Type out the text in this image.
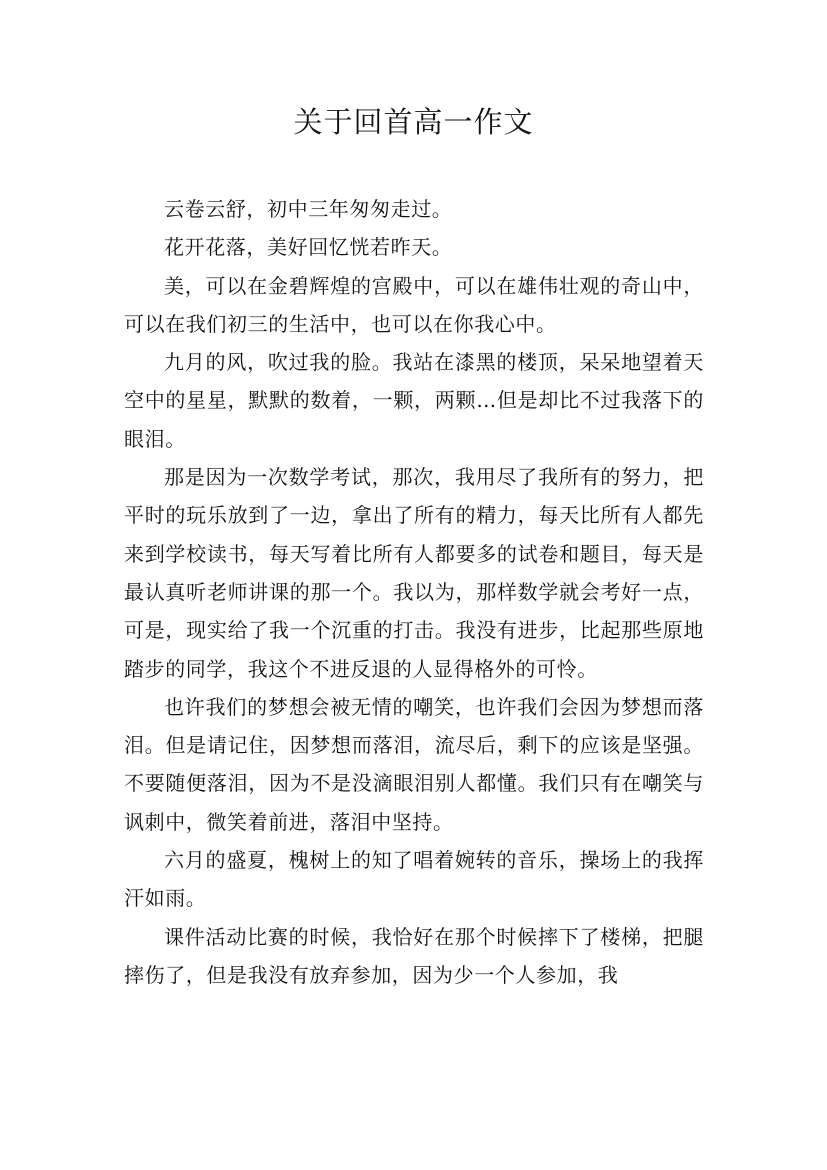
关于回首高一作文

云卷云舒，初中三年匆匆走过。

花开花落，美好回忆恍若昨天。

美，可以在金碧辉煌的宫殿中，可以在雄伟壮观的奇山中，可以在我们初三的生活中，也可以在你我心中。

九月的风，吹过我的脸。我站在漆黑的楼顶，呆呆地望着天空中的星星，默默的数着，一颗，两颗…但是却比不过我落下的眼泪。

那是因为一次数学考试，那次，我用尽了我所有的努力，把平时的玩乐放到了一边，拿出了所有的精力，每天比所有人都先来到学校读书，每天写着比所有人都要多的试卷和题目，每天是最认真听老师讲课的那一个。我以为，那样数学就会考好一点，可是，现实给了我一个沉重的打击。我没有进步，比起那些原地踏步的同学，我这个不进反退的人显得格外的可怜。

也许我们的梦想会被无情的嘲笑，也许我们会因为梦想而落泪。但是请记住，因梦想而落泪，流尽后，剩下的应该是坚强。不要随便落泪，因为不是没滴眼泪别人都懂。我们只有在嘲笑与讽刺中，微笑着前进，落泪中坚持。

六月的盛夏，槐树上的知了唱着婉转的音乐，操场上的我挥汗如雨。

课件活动比赛的时候，我恰好在那个时候摔下了楼梯，把腿摔伤了，但是我没有放弃参加，因为少一个人参加，我
